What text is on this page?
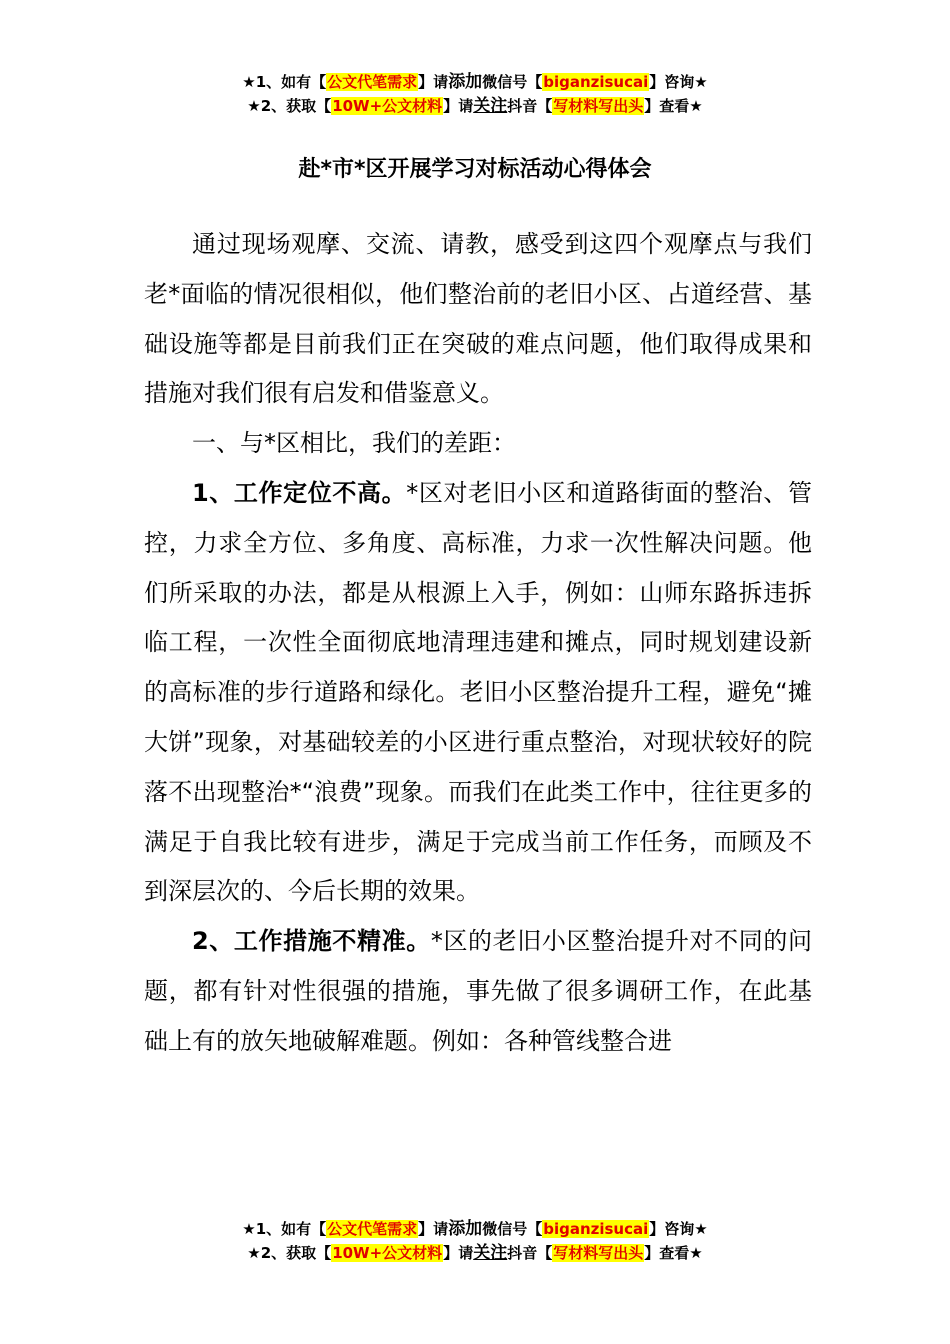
★1、如有【公文代笔需求】请添加微信号【biganzisucai】咨询★
★2、获取【10W+公文材料】请关注抖音【写材料写出头】查看★
赴*市*区开展学习对标活动心得体会

通过现场观摩、交流、请教，感受到这四个观摩点与我们老*面临的情况很相似，他们整治前的老旧小区、占道经营、基础设施等都是目前我们正在突破的难点问题，他们取得成果和措施对我们很有启发和借鉴意义。

一、与*区相比，我们的差距：

1、工作定位不高。*区对老旧小区和道路街面的整治、管控，力求全方位、多角度、高标准，力求一次性解决问题。他们所采取的办法，都是从根源上入手，例如：山师东路拆违拆临工程，一次性全面彻底地清理违建和摊点，同时规划建设新的高标准的步行道路和绿化。老旧小区整治提升工程，避免“摊大饼”现象，对基础较差的小区进行重点整治，对现状较好的院落不出现整治*“浪费”现象。而我们在此类工作中，往往更多的满足于自我比较有进步，满足于完成当前工作任务，而顾及不到深层次的、今后长期的效果。

2、工作措施不精准。*区的老旧小区整治提升对不同的问题，都有针对性很强的措施，事先做了很多调研工作，在此基础上有的放矢地破解难题。例如：各种管线整合进

★1、如有【公文代笔需求】请添加微信号【biganzisucai】咨询★
★2、获取【10W+公文材料】请关注抖音【写材料写出头】查看★
